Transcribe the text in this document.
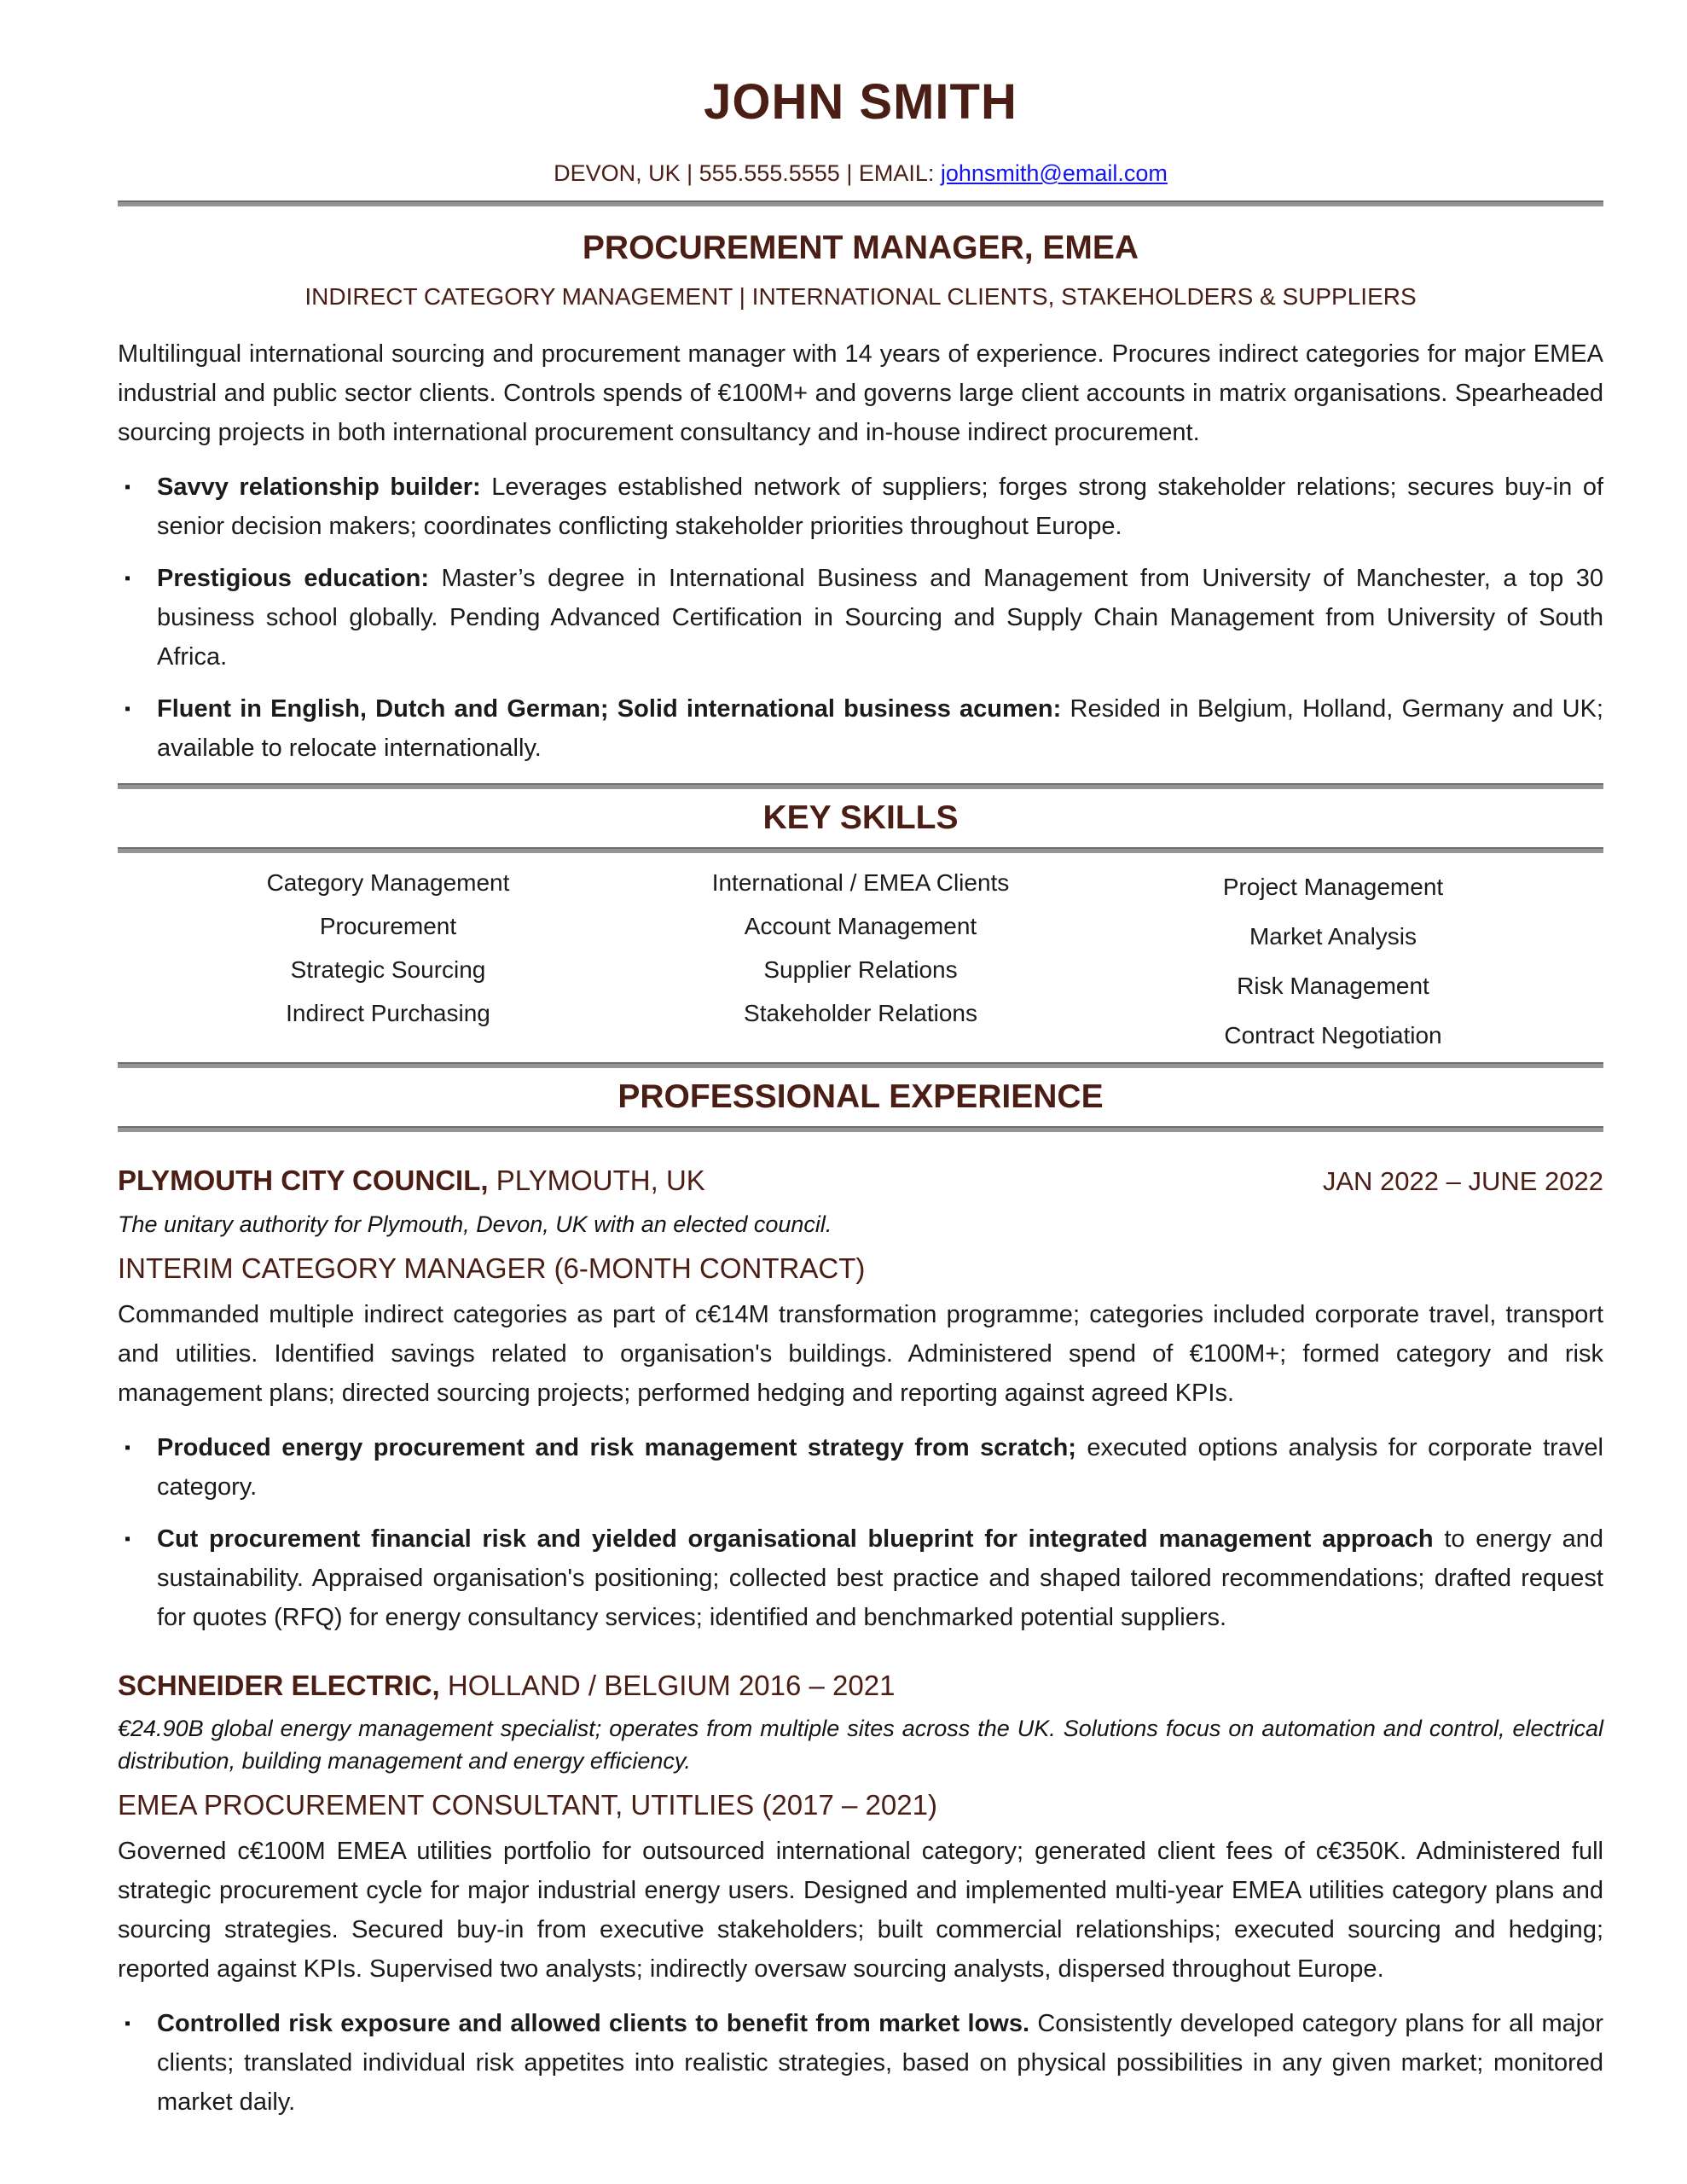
JOHN SMITH
DEVON, UK | 555.555.5555 | EMAIL: johnsmith@email.com
PROCUREMENT MANAGER, EMEA
INDIRECT CATEGORY MANAGEMENT | INTERNATIONAL CLIENTS, STAKEHOLDERS & SUPPLIERS
Multilingual international sourcing and procurement manager with 14 years of experience. Procures indirect categories for major EMEA industrial and public sector clients. Controls spends of €100M+ and governs large client accounts in matrix organisations. Spearheaded sourcing projects in both international procurement consultancy and in-house indirect procurement.
▪ Savvy relationship builder: Leverages established network of suppliers; forges strong stakeholder relations; secures buy-in of senior decision makers; coordinates conflicting stakeholder priorities throughout Europe.
▪ Prestigious education: Master’s degree in International Business and Management from University of Manchester, a top 30 business school globally. Pending Advanced Certification in Sourcing and Supply Chain Management from University of South Africa.
▪ Fluent in English, Dutch and German; Solid international business acumen: Resided in Belgium, Holland, Germany and UK; available to relocate internationally.
KEY SKILLS
Category Management
Procurement
Strategic Sourcing
Indirect Purchasing
International / EMEA Clients
Account Management
Supplier Relations
Stakeholder Relations
Project Management
Market Analysis
Risk Management
Contract Negotiation
PROFESSIONAL EXPERIENCE
PLYMOUTH CITY COUNCIL, PLYMOUTH, UK	JAN 2022 – JUNE 2022
The unitary authority for Plymouth, Devon, UK with an elected council.
INTERIM CATEGORY MANAGER (6-MONTH CONTRACT)
Commanded multiple indirect categories as part of c€14M transformation programme; categories included corporate travel, transport and utilities. Identified savings related to organisation's buildings. Administered spend of €100M+; formed category and risk management plans; directed sourcing projects; performed hedging and reporting against agreed KPIs.
▪ Produced energy procurement and risk management strategy from scratch; executed options analysis for corporate travel category.
▪ Cut procurement financial risk and yielded organisational blueprint for integrated management approach to energy and sustainability. Appraised organisation's positioning; collected best practice and shaped tailored recommendations; drafted request for quotes (RFQ) for energy consultancy services; identified and benchmarked potential suppliers.
SCHNEIDER ELECTRIC, HOLLAND / BELGIUM 2016 – 2021
€24.90B global energy management specialist; operates from multiple sites across the UK. Solutions focus on automation and control, electrical distribution, building management and energy efficiency.
EMEA PROCUREMENT CONSULTANT, UTITLIES (2017 – 2021)
Governed c€100M EMEA utilities portfolio for outsourced international category; generated client fees of c€350K. Administered full strategic procurement cycle for major industrial energy users. Designed and implemented multi-year EMEA utilities category plans and sourcing strategies. Secured buy-in from executive stakeholders; built commercial relationships; executed sourcing and hedging; reported against KPIs. Supervised two analysts; indirectly oversaw sourcing analysts, dispersed throughout Europe.
▪ Controlled risk exposure and allowed clients to benefit from market lows. Consistently developed category plans for all major clients; translated individual risk appetites into realistic strategies, based on physical possibilities in any given market; monitored market daily.
